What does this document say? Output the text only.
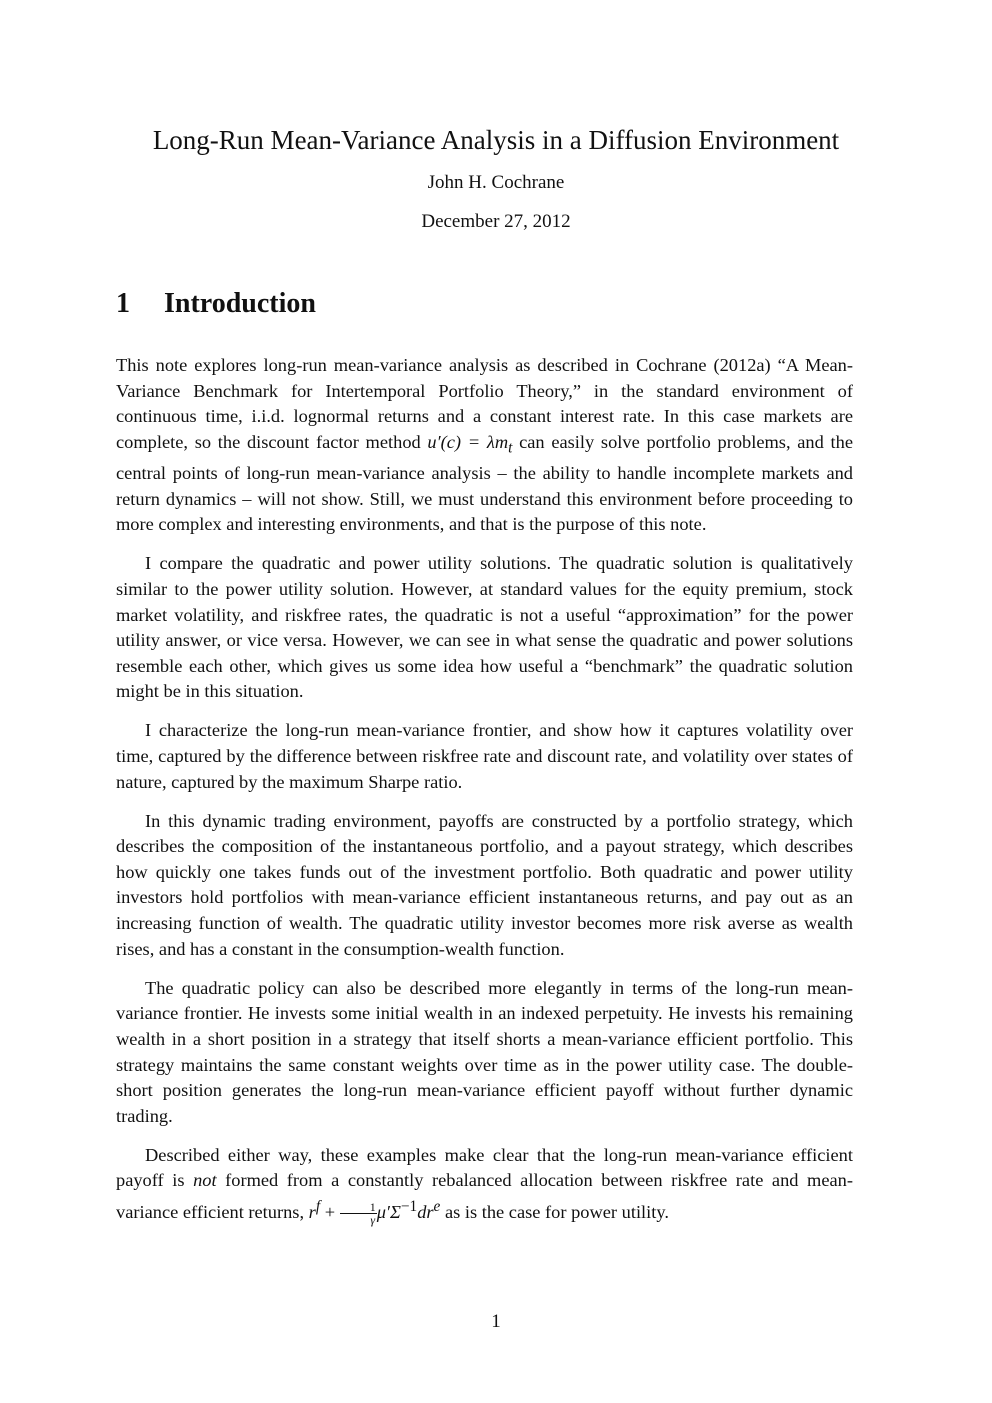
Long-Run Mean-Variance Analysis in a Diffusion Environment
John H. Cochrane
December 27, 2012
1 Introduction

This note explores long-run mean-variance analysis as described in Cochrane (2012a) “A Mean-Variance Benchmark for Intertemporal Portfolio Theory,” in the standard environment of continuous time, i.i.d. lognormal returns and a constant interest rate. In this case markets are complete, so the discount factor method $u'(c) = \lambda m_t$ can easily solve portfolio problems, and the central points of long-run mean-variance analysis – the ability to handle incomplete markets and return dynamics – will not show. Still, we must understand this environment before proceeding to more complex and interesting environments, and that is the purpose of this note.

I compare the quadratic and power utility solutions. The quadratic solution is qualitatively similar to the power utility solution. However, at standard values for the equity premium, stock market volatility, and riskfree rates, the quadratic is not a useful “approximation” for the power utility answer, or vice versa. However, we can see in what sense the quadratic and power solutions resemble each other, which gives us some idea how useful a “benchmark” the quadratic solution might be in this situation.

I characterize the long-run mean-variance frontier, and show how it captures volatility over time, captured by the difference between riskfree rate and discount rate, and volatility over states of nature, captured by the maximum Sharpe ratio.

In this dynamic trading environment, payoffs are constructed by a portfolio strategy, which describes the composition of the instantaneous portfolio, and a payout strategy, which describes how quickly one takes funds out of the investment portfolio. Both quadratic and power utility investors hold portfolios with mean-variance efficient instantaneous returns, and pay out as an increasing function of wealth. The quadratic utility investor becomes more risk averse as wealth rises, and has a constant in the consumption-wealth function.

The quadratic policy can also be described more elegantly in terms of the long-run mean-variance frontier. He invests some initial wealth in an indexed perpetuity. He invests his remaining wealth in a short position in a strategy that itself shorts a mean-variance efficient portfolio. This strategy maintains the same constant weights over time as in the power utility case. The double-short position generates the long-run mean-variance efficient payoff without further dynamic trading.

Described either way, these examples make clear that the long-run mean-variance efficient payoff is not formed from a constantly rebalanced allocation between riskfree rate and mean-variance efficient returns, $r^f + \frac{1}{\gamma} \mu'\Sigma^{-1}dr^e$ as is the case for power utility.

1
